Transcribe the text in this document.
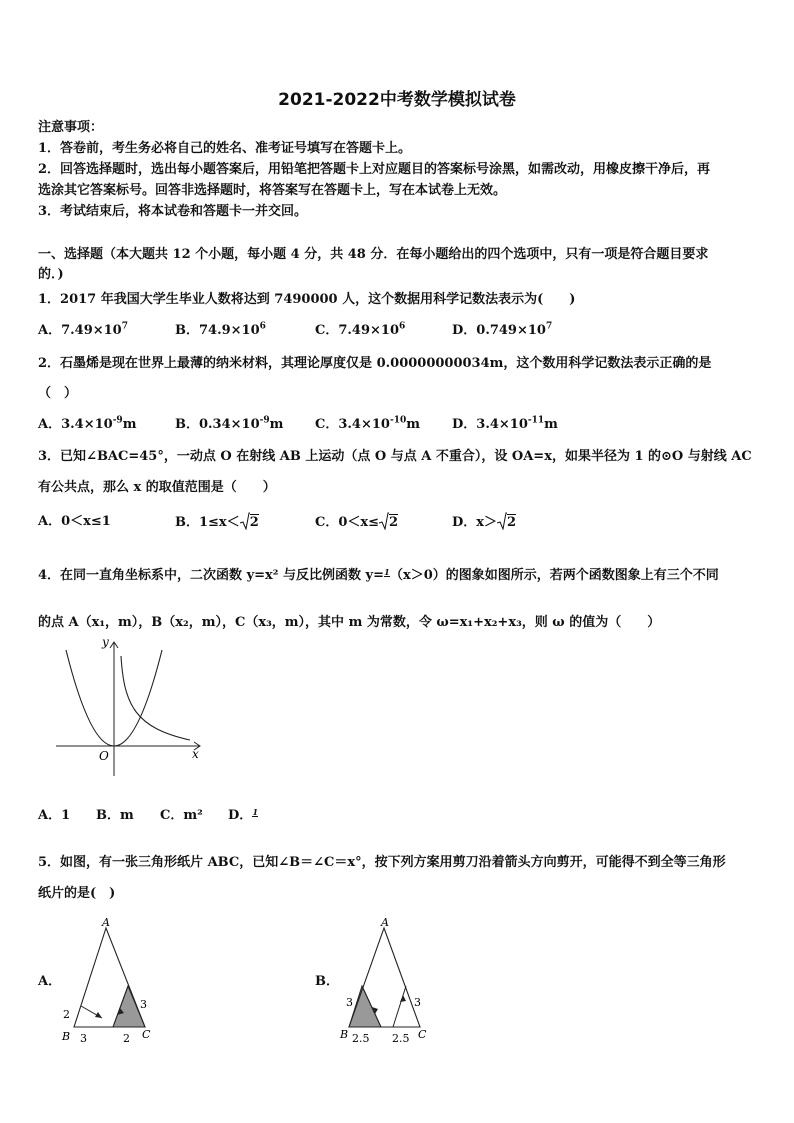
2021-2022中考数学模拟试卷
注意事项：
1．答卷前，考生务必将自己的姓名、准考证号填写在答题卡上。
2．回答选择题时，选出每小题答案后，用铅笔把答题卡上对应题目的答案标号涂黑，如需改动，用橡皮擦干净后，再
选涂其它答案标号。回答非选择题时，将答案写在答题卡上，写在本试卷上无效。
3．考试结束后，将本试卷和答题卡一并交回。
一、选择题（本大题共 12 个小题，每小题 4 分，共 48 分．在每小题给出的四个选项中，只有一项是符合题目要求
的．)
1．2017 年我国大学生毕业人数将达到 7490000 人，这个数据用科学记数法表示为(　　)
A．$7.49\times 10^7$	B．$74.9\times 10^6$	C．$7.49\times 10^6$	D．$0.749\times 10^7$
2．石墨烯是现在世界上最薄的纳米材料，其理论厚度仅是 0.00000000034m，这个数用科学记数法表示正确的是
（　）
A．$3.4\times 10^{-9}m$	B．$0.34\times 10^{-9}m$ C．$3.4\times 10^{-10}m$ D．$3.4\times 10^{-11}m$
3．已知∠BAC=45°，一动点 O 在射线 AB 上运动（点 O 与点 A 不重合），设 OA=x，如果半径为 1 的⊙O 与射线 AC
有公共点，那么 x 的取值范围是（　　）
A．0＜x≤1	B．1≤x＜ 2	C．0＜x≤ 2	D．x＞ 2
4．在同一直角坐标系中，二次函数 y=x² 与反比例函数 y= 1 （x＞0）的图象如图所示，若两个函数图象上有三个不同
的点 A（x₁，m），B（x₂，m），C（x₃，m），其中 m 为常数，令 ω=x₁+x₂+x₃，则 ω 的值为（　　）
y
x
O
A．1 B．m C．m² D． 1
5．如图，有一张三角形纸片 ABC，已知∠B＝∠C＝x°，按下列方案用剪刀沿着箭头方向剪开，可能得不到全等三角形
纸片的是(　)
A．
A
B	C
2
3	2
3
B．
A
B	C
3
2.5 2.5
3
